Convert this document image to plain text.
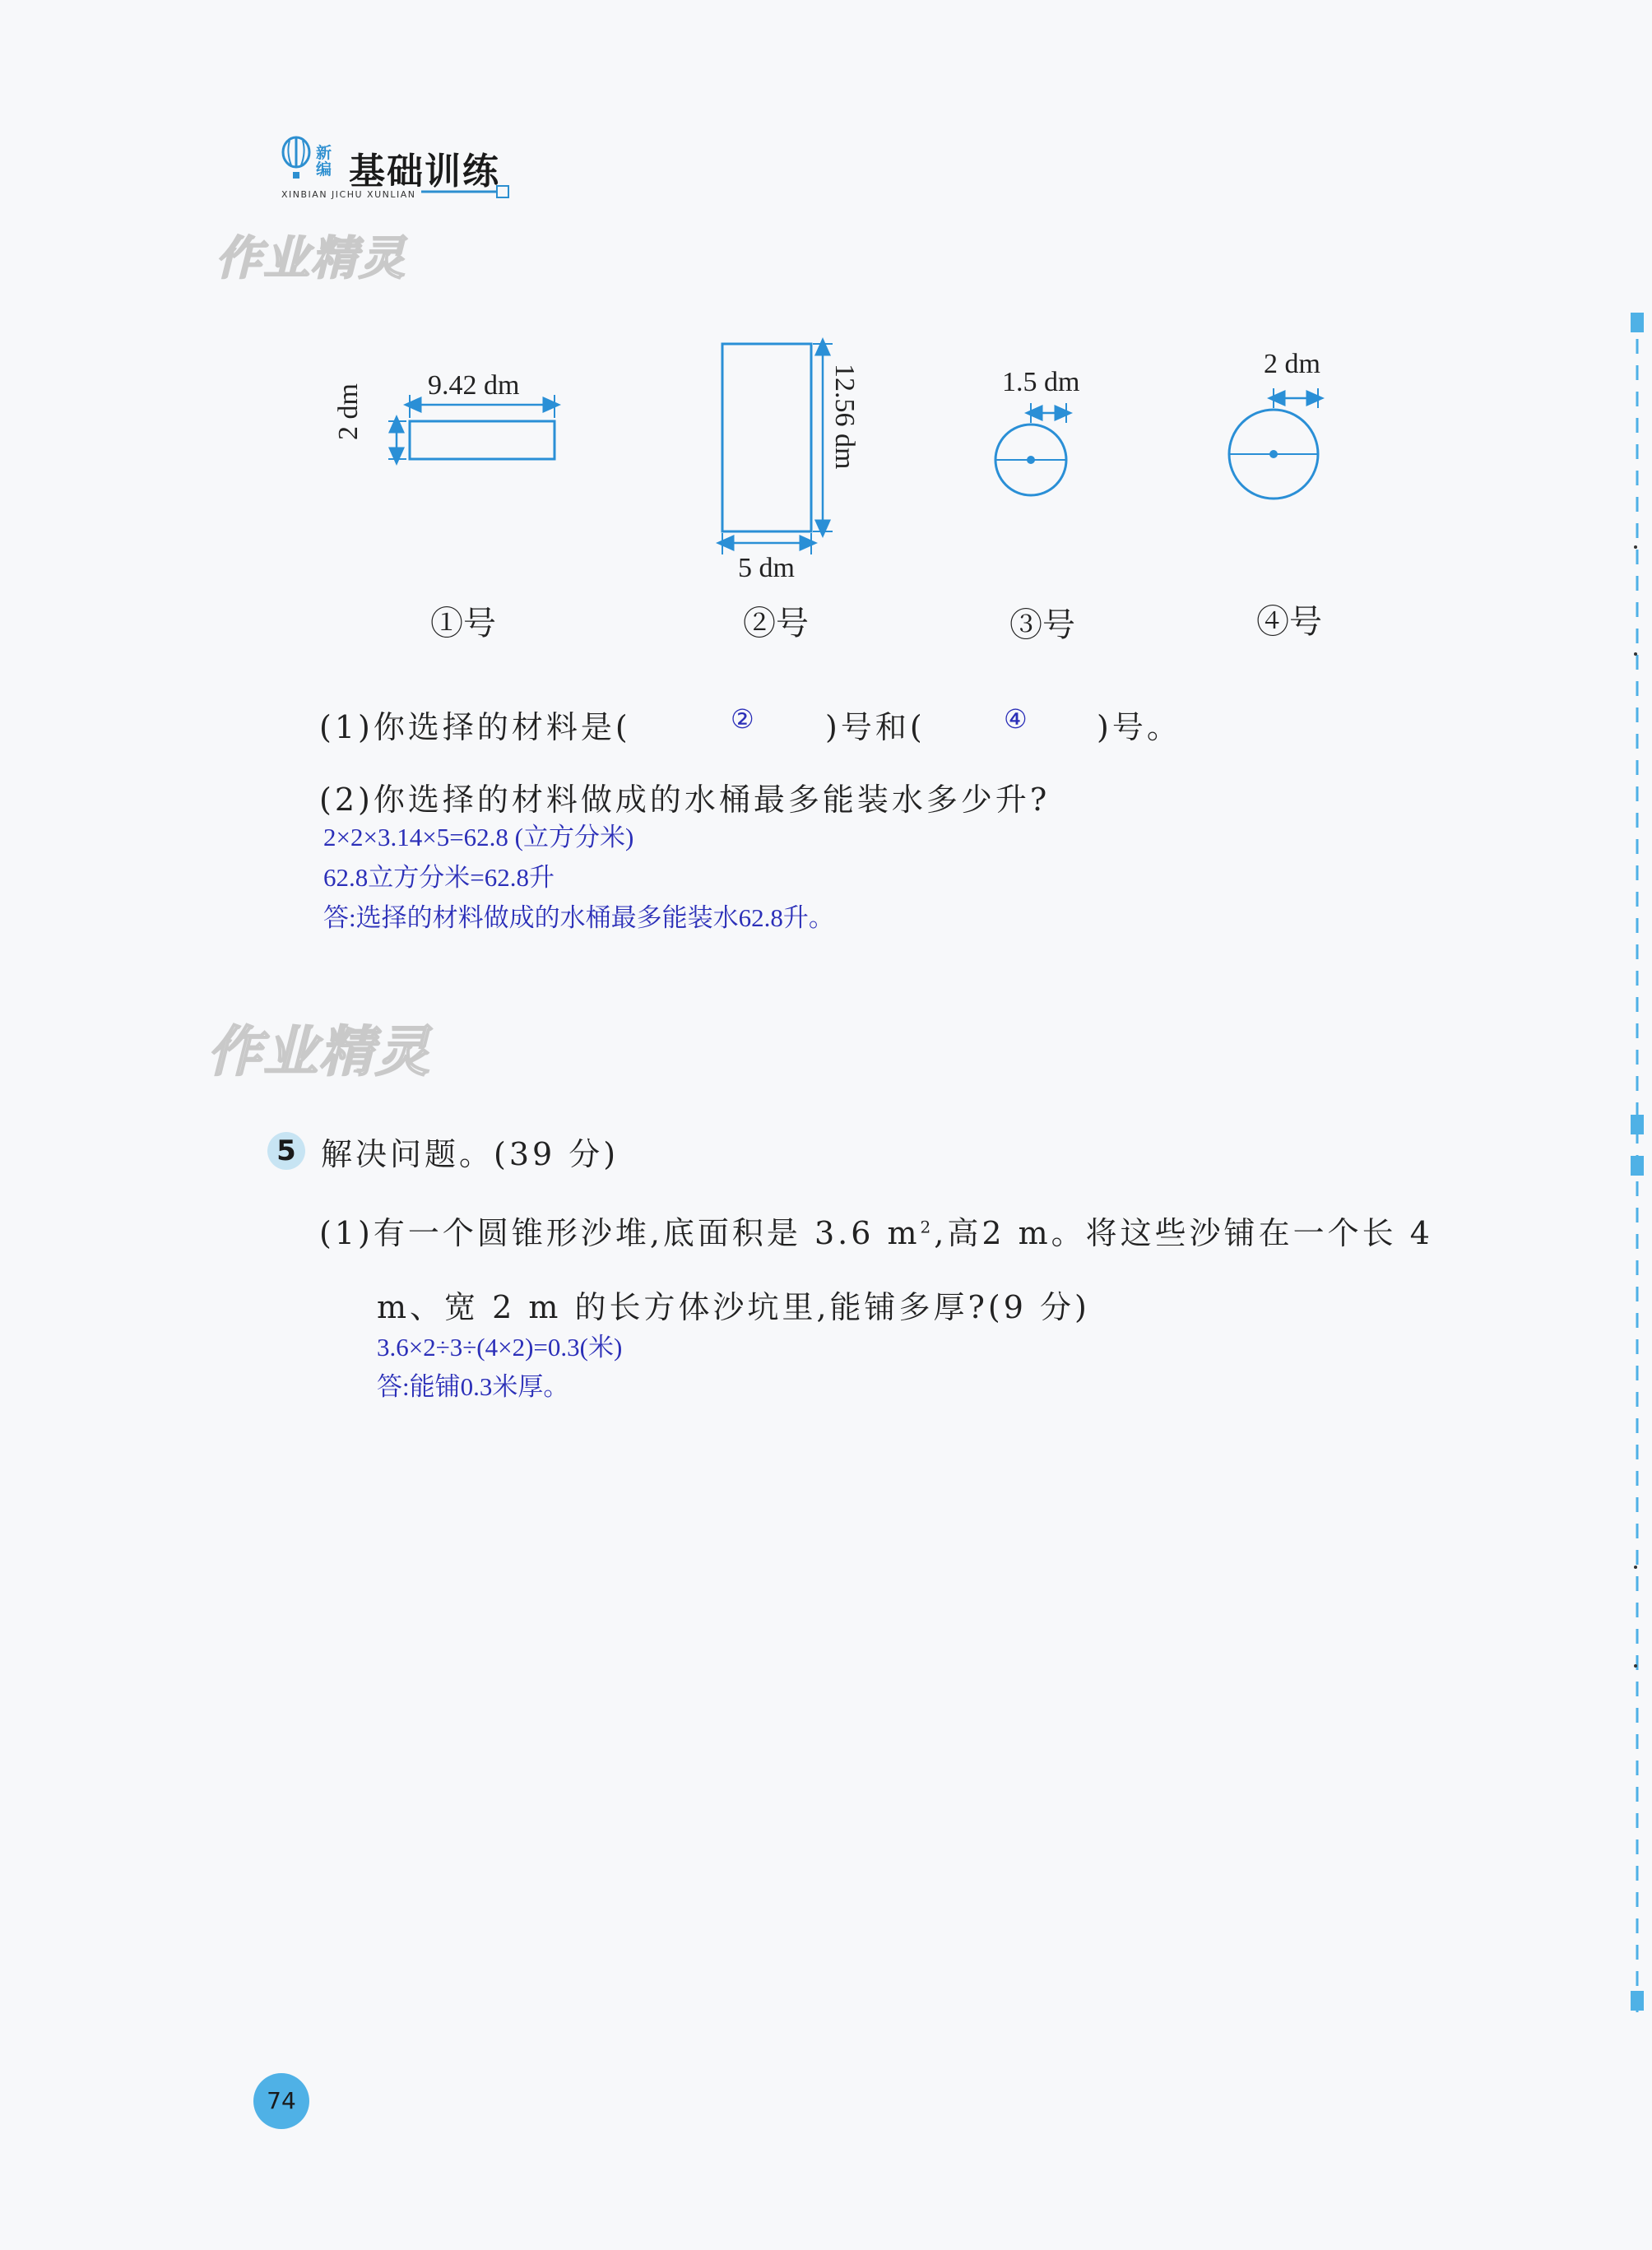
新编 基础训练
XINBIAN JICHU XUNLIAN
作业精灵
9.42 dm
2 dm	12.56 dm
5 dm
1.5 dm
2 dm
①号	②号	③号	④号
(1)你选择的材料是(	② )号和(	④ )号。
(2)你选择的材料做成的水桶最多能装水多少升?
2×2×3.14×5=62.8 (立方分米)
62.8立方分米=62.8升
答:选择的材料做成的水桶最多能装水62.8升。
作业精灵
5 解决问题。(39 分)
(1)有一个圆锥形沙堆,底面积是 3.6 $m^2$,高2 m。将这些沙铺在一个长 4
m、宽 2 m 的长方体沙坑里,能铺多厚?(9 分)
3.6×2÷3÷(4×2)=0.3(米)
答:能铺0.3米厚。
74
